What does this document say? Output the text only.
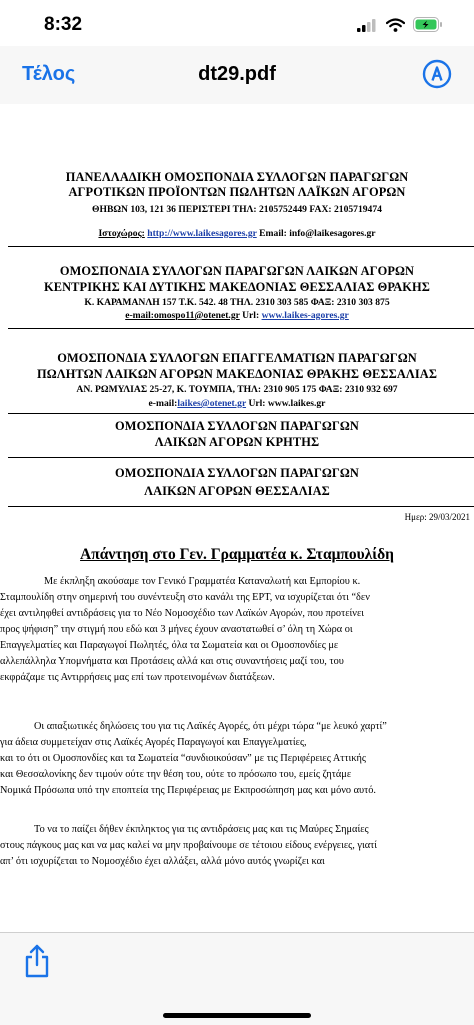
8:32
Τέλος	dt29.pdf
ΠΑΝΕΛΛΑΔΙΚΗ ΟΜΟΣΠΟΝΔΙΑ ΣΥΛΛΟΓΩΝ ΠΑΡΑΓΩΓΩΝ
ΑΓΡΟΤΙΚΩΝ ΠΡΟΪΟΝΤΩΝ ΠΩΛΗΤΩΝ ΛΑΪΚΩΝ ΑΓΟΡΩΝ
ΘΗΒΩΝ 103, 121 36 ΠΕΡΙΣΤΕΡΙ ΤΗΛ: 2105752449 FAX: 2105719474
Ιστοχώρος: http://www.laikesagores.gr Email: info@laikesagores.gr
ΟΜΟΣΠΟΝΔΙΑ ΣΥΛΛΟΓΩΝ ΠΑΡΑΓΩΓΩΝ ΛΑΙΚΩΝ ΑΓΟΡΩΝ
ΚΕΝΤΡΙΚΗΣ ΚΑΙ ΔΥΤΙΚΗΣ ΜΑΚΕΔΟΝΙΑΣ ΘΕΣΣΑΛΙΑΣ ΘΡΑΚΗΣ
Κ. ΚΑΡΑΜΑΝΛΗ 157 Τ.Κ. 542. 48 ΤΗΛ. 2310 303 585 ΦΑΞ: 2310 303 875
e-mail:omospo11@otenet.gr Url: www.laikes-agores.gr
ΟΜΟΣΠΟΝΔΙΑ ΣΥΛΛΟΓΩΝ ΕΠΑΓΓΕΛΜΑΤΙΩΝ ΠΑΡΑΓΩΓΩΝ
ΠΩΛΗΤΩΝ ΛΑΙΚΩΝ ΑΓΟΡΩΝ ΜΑΚΕΔΟΝΙΑΣ ΘΡΑΚΗΣ ΘΕΣΣΑΛΙΑΣ
ΑΝ. ΡΩΜΥΛΙΑΣ 25-27, Κ. ΤΟΥΜΠΑ, ΤΗΛ: 2310 905 175 ΦΑΞ: 2310 932 697
e-mail:laikes@otenet.gr Url: www.laikes.gr
ΟΜΟΣΠΟΝΔΙΑ ΣΥΛΛΟΓΩΝ ΠΑΡΑΓΩΓΩΝ
ΛΑΙΚΩΝ ΑΓΟΡΩΝ ΚΡΗΤΗΣ
ΟΜΟΣΠΟΝΔΙΑ ΣΥΛΛΟΓΩΝ ΠΑΡΑΓΩΓΩΝ
ΛΑΙΚΩΝ ΑΓΟΡΩΝ ΘΕΣΣΑΛΙΑΣ
Ημερ: 29/03/2021
Απάντηση στο Γεν. Γραμματέα κ. Σταμπουλίδη
Με έκπληξη ακούσαμε τον Γενικό Γραμματέα Καταναλωτή και Εμπορίου κ.
Σταμπουλίδη στην σημερινή του συνέντευξη στο κανάλι της ΕΡΤ, να ισχυρίζεται ότι “δεν
έχει αντιληφθεί αντιδράσεις για το Νέο Νομοσχέδιο των Λαϊκών Αγορών, που προτείνει
προς ψήφιση” την στιγμή που εδώ και 3 μήνες έχουν αναστατωθεί σ’ όλη τη Χώρα οι
Επαγγελματίες και Παραγωγοί Πωλητές, όλα τα Σωματεία και οι Ομοσπονδίες με
αλλεπάλληλα Υπομνήματα και Προτάσεις αλλά και στις συναντήσεις μαζί του, του
εκφράζαμε τις Αντιρρήσεις μας επί των προτεινομένων διατάξεων.
Οι απαξιωτικές δηλώσεις του για τις Λαϊκές Αγορές, ότι μέχρι τώρα “με λευκό χαρτί”
για άδεια συμμετείχαν στις Λαϊκές Αγορές Παραγωγοί και Επαγγελματίες,
και το ότι οι Ομοσπονδίες και τα Σωματεία “συνδιοικούσαν” με τις Περιφέρειες Αττικής
και Θεσσαλονίκης δεν τιμούν ούτε την θέση του, ούτε το πρόσωπο του, εμείς ζητάμε
Νομικά Πρόσωπα υπό την εποπτεία της Περιφέρειας με Εκπροσώπηση μας και μόνο αυτό.
Το να το παίζει δήθεν έκπληκτος για τις αντιδράσεις μας και τις Μαύρες Σημαίες
στους πάγκους μας και να μας καλεί να μην προβαίνουμε σε τέτοιου είδους ενέργειες, γιατί
απ’ ότι ισχυρίζεται το Νομοσχέδιο έχει αλλάξει, αλλά μόνο αυτός γνωρίζει και
